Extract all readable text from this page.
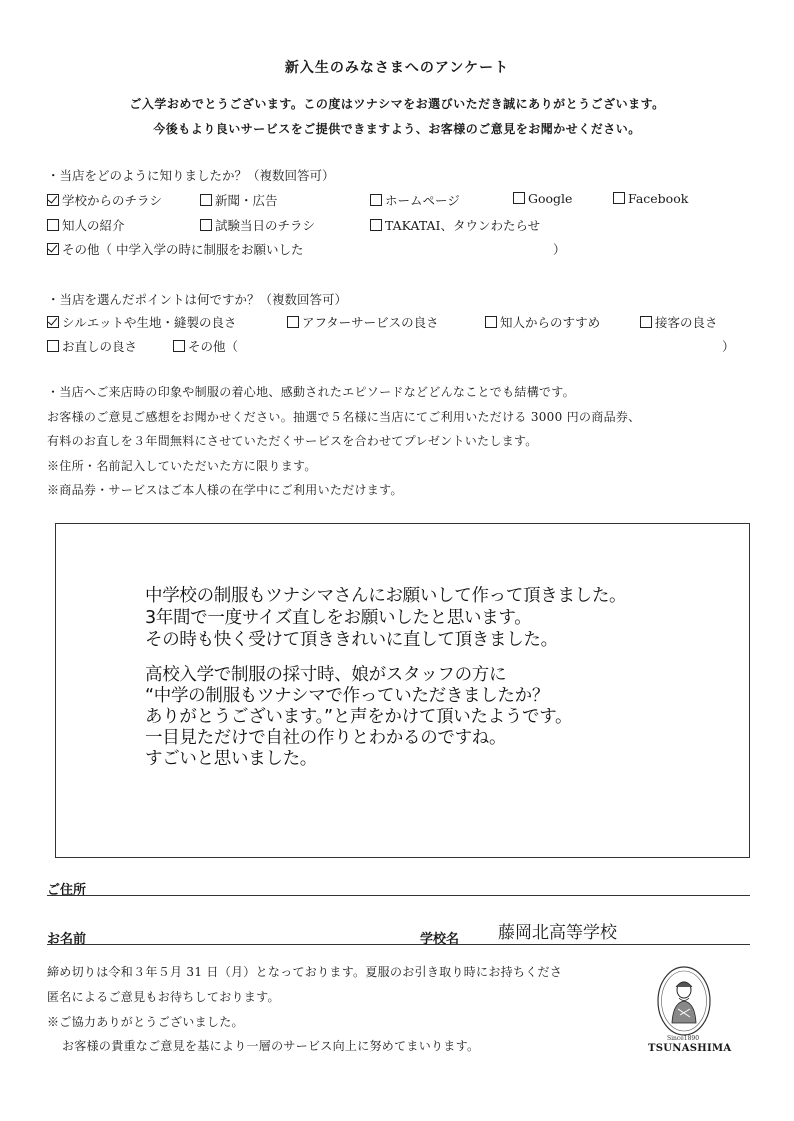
新入生のみなさまへのアンケート
ご入学おめでとうございます。この度はツナシマをお選びいただき誠にありがとうございます。
今後もより良いサービスをご提供できますよう、お客様のご意見をお聞かせください。
・当店をどのように知りましたか？（複数回答可）
学校からのチラシ	新聞・広告	ホームページ	Google	Facebook
知人の紹介	試験当日のチラシ	TAKATAI、タウンわたらせ
その他（ 中学入学の時に制服をお願いした	）
・当店を選んだポイントは何ですか？（複数回答可）
シルエットや生地・縫製の良さ	アフターサービスの良さ	知人からのすすめ	接客の良さ
お直しの良さ	その他（	）
・当店へご来店時の印象や制服の着心地、感動されたエピソードなどどんなことでも結構です。
お客様のご意見ご感想をお聞かせください。抽選で５名様に当店にてご利用いただける 3000 円の商品券、
有料のお直しを３年間無料にさせていただくサービスを合わせてプレゼントいたします。
※住所・名前記入していただいた方に限ります。
※商品券・サービスはご本人様の在学中にご利用いただけます。
中学校の制服もツナシマさんにお願いして作って頂きました。
3年間で一度サイズ直しをお願いしたと思います。
その時も快く受けて頂ききれいに直して頂きました。
高校入学で制服の採寸時、娘がスタッフの方に
“中学の制服もツナシマで作っていただきましたか？
ありがとうございます。”と声をかけて頂いたようです。
一目見ただけで自社の作りとわかるのですね。
すごいと思いました。
ご住所
お名前	学校名 藤岡北高等学校
締め切りは令和３年５月 31 日（月）となっております。夏服のお引き取り時にお持ちくださ
匿名によるご意見もお待ちしております。
※ご協力ありがとうございました。
お客様の貴重なご意見を基により一層のサービス向上に努めてまいります。
Since1890
TSUNASHIMA
